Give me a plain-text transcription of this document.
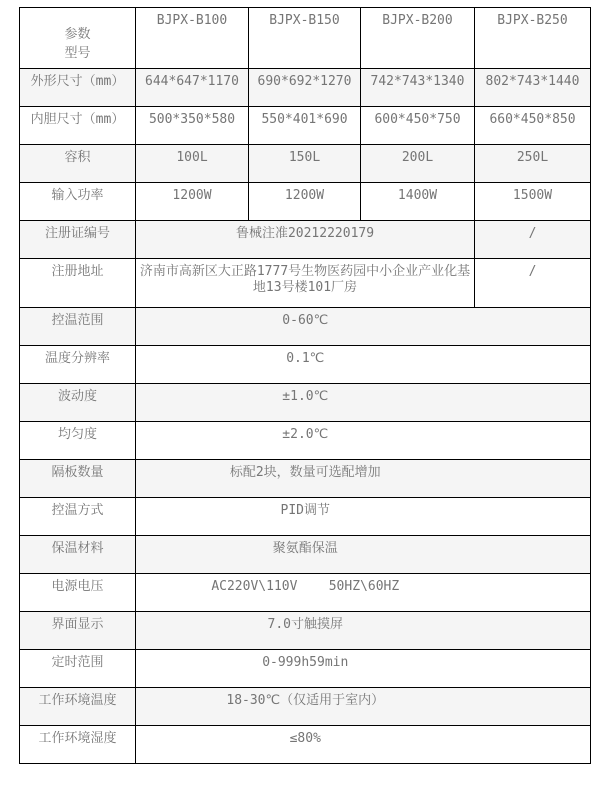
参数
型号	BJPX-B100	BJPX-B150	BJPX-B200	BJPX-B250
外形尺寸（mm）	644*647*1170	690*692*1270	742*743*1340	802*743*1440
内胆尺寸（mm）	500*350*580	550*401*690	600*450*750	660*450*850
容积	100L	150L	200L	250L
输入功率	1200W	1200W	1400W	1500W
注册证编号	鲁械注准20212220179			/
注册地址	济南市高新区大正路1777号生物医药园中小企业产业化基地13号楼101厂房			/
控温范围	0-60℃			
温度分辨率	0.1℃			
波动度	±1.0℃			
均匀度	±2.0℃			
隔板数量	标配2块，数量可选配增加			
控温方式	PID调节			
保温材料	聚氨酯保温			
电源电压	AC220V\110V    50HZ\60HZ			
界面显示	7.0寸触摸屏			
定时范围	0-999h59min			
工作环境温度	18-30℃（仅适用于室内）			
工作环境湿度	≤80%			
